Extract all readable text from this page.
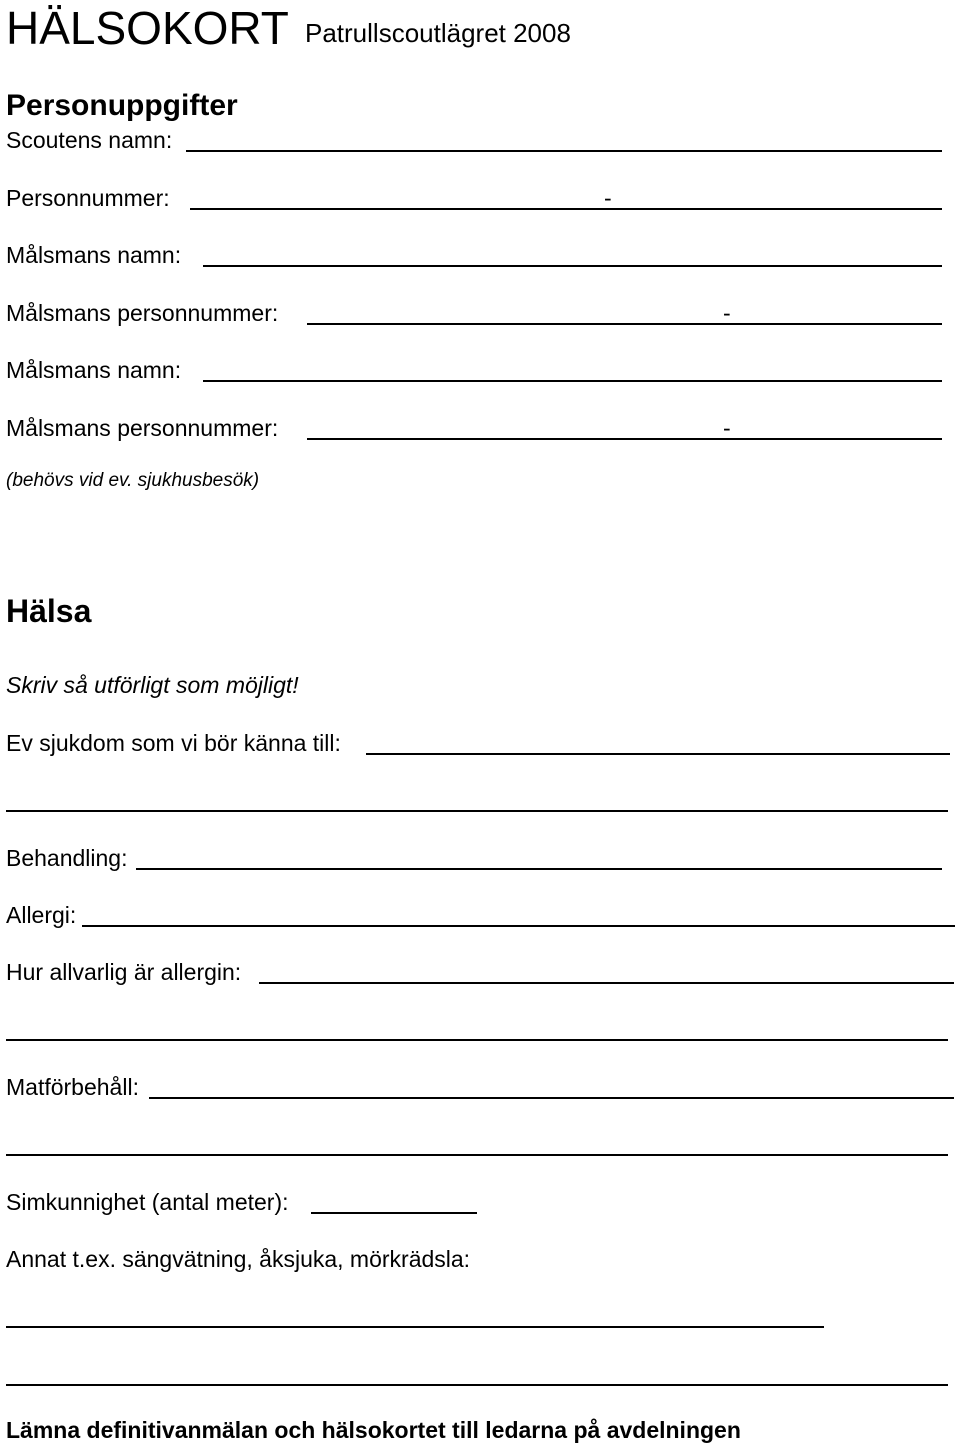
HÄLSOKORT Patrullscoutlägret 2008
Personuppgifter
Scoutens namn:
Personnummer:	-
Målsmans namn:
Målsmans personnummer:	-
Målsmans namn:
Målsmans personnummer:	-
(behövs vid ev. sjukhusbesök)
Hälsa
Skriv så utförligt som möjligt!
Ev sjukdom som vi bör känna till:
Behandling:
Allergi:
Hur allvarlig är allergin:
Matförbehåll:
Simkunnighet (antal meter):
Annat t.ex. sängvätning, åksjuka, mörkrädsla:
Lämna definitivanmälan och hälsokortet till ledarna på avdelningen
